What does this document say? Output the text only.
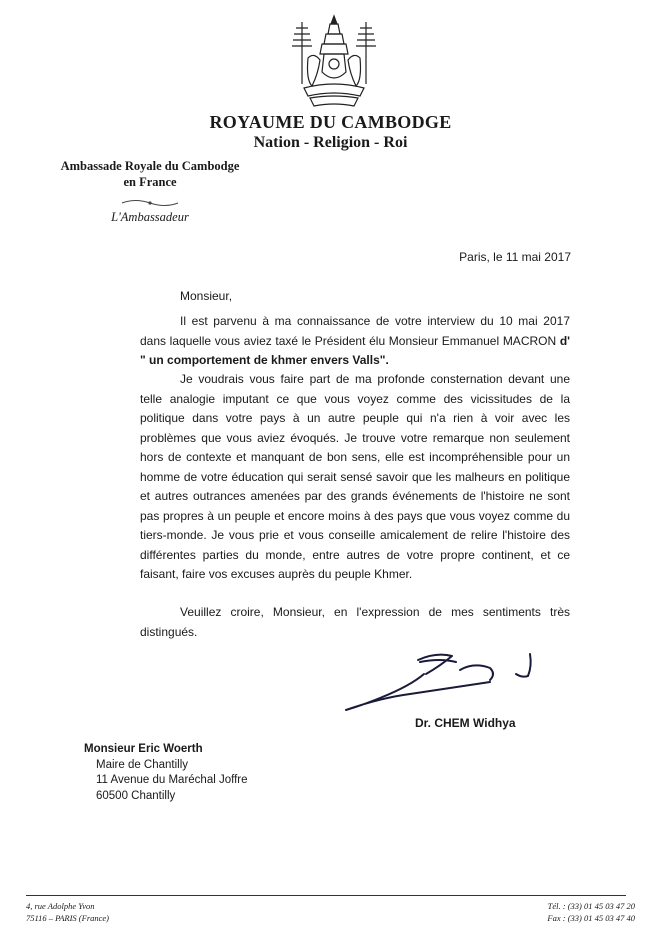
ROYAUME DU CAMBODGE
Nation - Religion - Roi
Ambassade Royale du Cambodge
en France
L'Ambassadeur
Paris, le 11 mai 2017
Monsieur,

Il est parvenu à ma connaissance de votre interview du 10 mai 2017 dans laquelle vous aviez taxé le Président élu Monsieur Emmanuel MACRON d' " un comportement de khmer envers Valls".

Je voudrais vous faire part de ma profonde consternation devant une telle analogie imputant ce que vous voyez comme des vicissitudes de la politique dans votre pays à un autre peuple qui n'a rien à voir avec les problèmes que vous aviez évoqués. Je trouve votre remarque non seulement hors de contexte et manquant de bon sens, elle est incompréhensible pour un homme de votre éducation qui serait sensé savoir que les malheurs en politique et autres outrances amenées par des grands événements de l'histoire ne sont pas propres à un peuple et encore moins à des pays que vous voyez comme du tiers-monde. Je vous prie et vous conseille amicalement de relire l'histoire des différentes parties du monde, entre autres de votre propre continent, et ce faisant, faire vos excuses auprès du peuple Khmer.

Veuillez croire, Monsieur, en l'expression de mes sentiments très distingués.

Dr. CHEM Widhya
Monsieur Eric Woerth
Maire de Chantilly
11 Avenue du Maréchal Joffre
60500 Chantilly
4, rue Adolphe Yvon
75116 – PARIS (France)
Tél. : (33) 01 45 03 47 20
Fax : (33) 01 45 03 47 40
